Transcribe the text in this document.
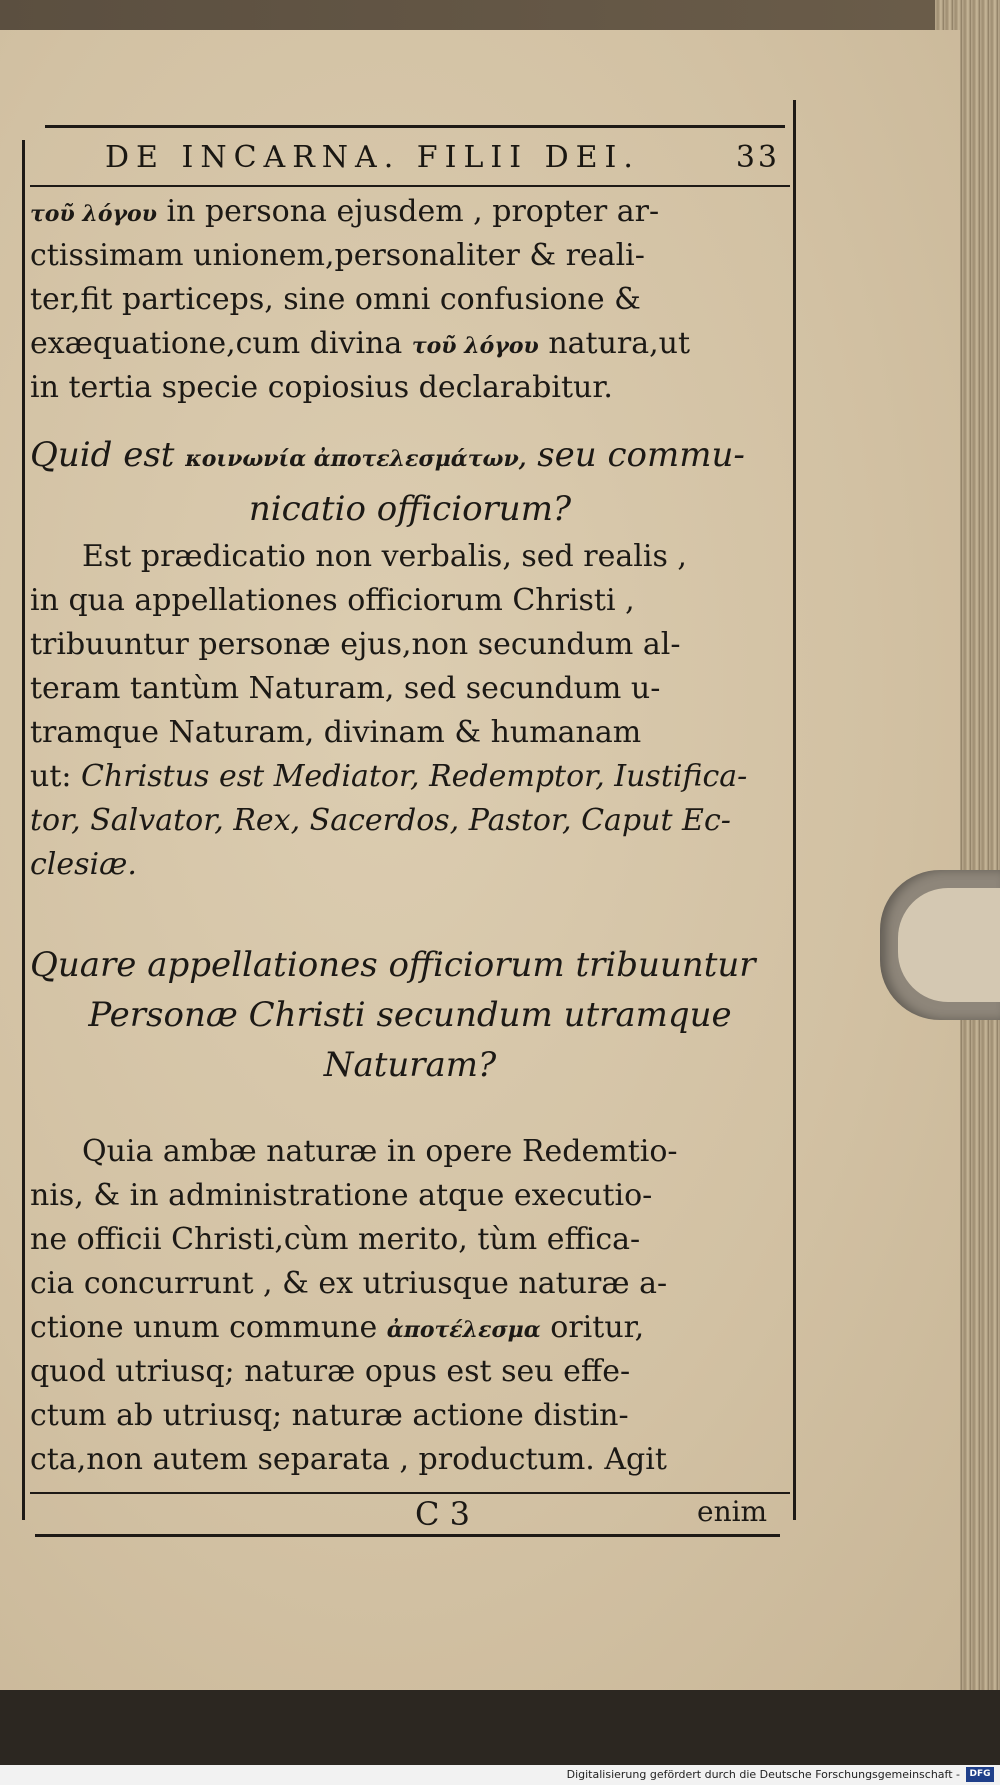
DE INCARNA. FILII DEI.	33
τοῦ λόγου in persona ejusdem , propter ar-
ctissimam unionem,personaliter & reali-
ter,fit particeps, sine omni confusione &
exæquatione,cum divina τοῦ λόγου natura,ut
in tertia specie copiosius declarabitur.
Quid est κοινωνία ἀποτελεσμάτων, seu commu-
nicatio officiorum?
Est prædicatio non verbalis, sed realis ,
in qua appellationes officiorum Christi ,
tribuuntur personæ ejus,non secundum al-
teram tantùm Naturam, sed secundum u-
tramque Naturam, divinam & humanam
ut: Christus est Mediator, Redemptor, Iustifica-
tor, Salvator, Rex, Sacerdos, Pastor, Caput Ec-
clesiæ.
Quare appellationes officiorum tribuuntur
Personæ Christi secundum utramque
Naturam?
Quia ambæ naturæ in opere Redemtio-
nis, & in administratione atque executio-
ne officii Christi,cùm merito, tùm effica-
cia concurrunt , & ex utriusque naturæ a-
ctione unum commune ἀποτέλεσμα oritur,
quod utriusq; naturæ opus est seu effe-
ctum ab utriusq; naturæ actione distin-
cta,non autem separata , productum. Agit
C 3	enim
Digitalisierung gefördert durch die Deutsche Forschungsgemeinschaft -	DFG
